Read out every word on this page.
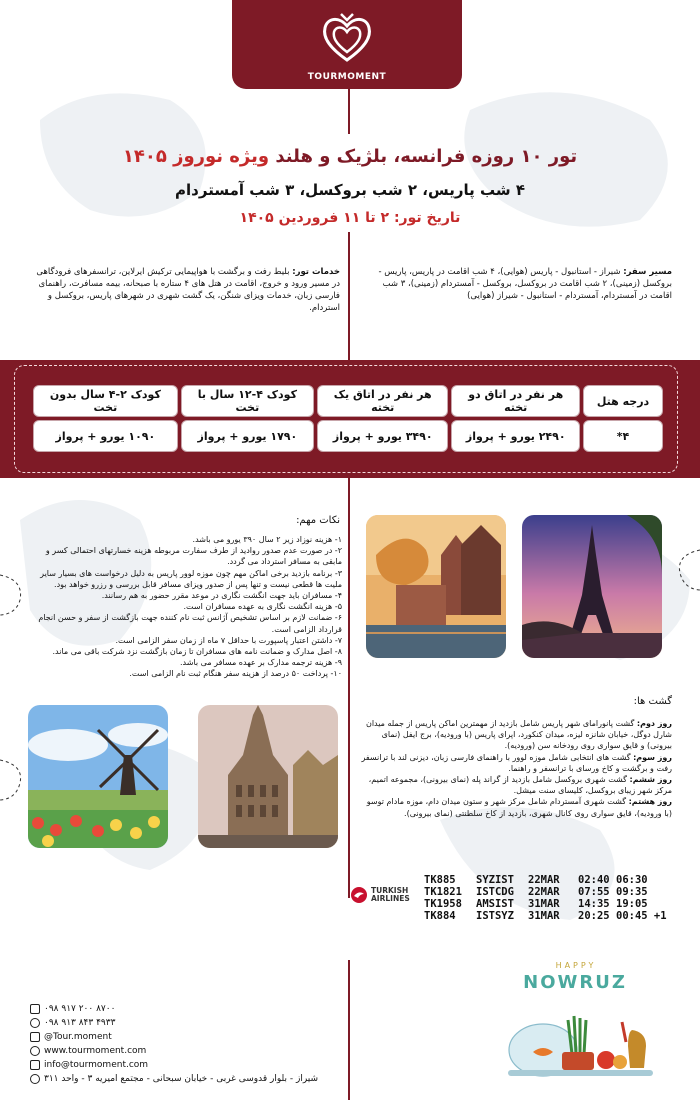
TOURMOMENT
تور ۱۰ روزه فرانسه، بلژیک و هلند ویژه نوروز ۱۴۰۵
۴ شب پاریس، ۲ شب بروکسل، ۳ شب آمستردام
تاریخ تور: ۲ تا ۱۱ فروردین ۱۴۰۵
مسیر سفر: شیراز - استانبول - پاریس (هوایی)، ۴ شب اقامت در پاریس، پاریس - بروکسل (زمینی)، ۲ شب اقامت در بروکسل، بروکسل - آمستردام (زمینی)، ۳ شب اقامت در آمستردام، آمستردام - استانبول - شیراز (هوایی)
خدمات تور: بلیط رفت و برگشت با هواپیمایی ترکیش ایرلاین، ترانسفرهای فرودگاهی در مسیر ورود و خروج، اقامت در هتل های ۴ ستاره با صبحانه، بیمه مسافرت، راهنمای فارسی زبان، خدمات ویزای شنگن، یک گشت شهری در شهرهای پاریس، بروکسل و استردام.
درجه هتل	هر نفر در اتاق دو تخته	هر نفر در اتاق یک تخته	کودک ۴-۱۲ سال با تخت	کودک ۲-۴ سال بدون تخت
۴*	۲۴۹۰ یورو + پرواز	۳۴۹۰ یورو + پرواز	۱۷۹۰ یورو + پرواز	۱۰۹۰ یورو + پرواز
نکات مهم:
۱- هزینه نوزاد زیر ۲ سال ۳۹۰ یورو می باشد.
۲- در صورت عدم صدور روادید از طرف سفارت مربوطه هزینه خسارتهای احتمالی کسر و مابقی به مسافر استرداد می گردد.
۳- برنامه بازدید برخی اماکن مهم چون موزه لوور پاریس به دلیل درخواست های بسیار سایر ملیت ها قطعی نیست و تنها پس از صدور ویزای مسافر قابل بررسی و رزرو خواهد بود.
۴- مسافران باید جهت انگشت نگاری در موعد مقرر حضور به هم رسانند.
۵- هزینه انگشت نگاری به عهده مسافران است.
۶- ضمانت لازم بر اساس تشخیص آژانس ثبت نام کننده جهت بازگشت از سفر و حسن انجام قرارداد الزامی است.
۷- داشتن اعتبار پاسپورت با حداقل ۷ ماه از زمان سفر الزامی است.
۸- اصل مدارک و ضمانت نامه های مسافران تا زمان بازگشت نزد شرکت باقی می ماند.
۹- هزینه ترجمه مدارک بر عهده مسافر می باشد.
۱۰- پرداخت ۵۰ درصد از هزینه سفر هنگام ثبت نام الزامی است.
گشت ها:
روز دوم: گشت پانورامای شهر پاریس شامل بازدید از مهمترین اماکن پاریس از جمله میدان شارل دوگل، خیابان شانزه لیزه، میدان کنکورد، اپرای پاریس (با ورودیه)، برج ایفل (نمای بیرونی) و قایق سواری روی رودخانه سن (ورودیه).
روز سوم: گشت های انتخابی شامل موزه لوور با راهنمای فارسی زبان، دیزنی لند با ترانسفر رفت و برگشت و کاخ ورسای با ترانسفر و راهنما.
روز ششم: گشت شهری بروکسل شامل بازدید از گراند پله (نمای بیرونی)، مجموعه اتمیم، مرکز شهر زیبای بروکسل، کلیسای سنت میشل.
روز هشتم: گشت شهری آمستردام شامل مرکز شهر و ستون میدان دام، موزه مادام توسو (با ورودیه)، قایق سواری روی کانال شهری، بازدید از کاخ سلطنتی (نمای بیرونی).
TURKISH
AIRLINES
TK885	SYZIST	22MAR	02:40 06:30
TK1821	ISTCDG	22MAR	07:55 09:35
TK1958	AMSIST	31MAR	14:35 19:05
TK884	ISTSYZ	31MAR	20:25 00:45 +1
HAPPY
NOWRUZ
۰۹۸ ۹۱۷ ۲۰۰ ۸۷۰۰
۰۹۸ ۹۱۳ ۸۴۳ ۴۹۳۳
@Tour.moment
www.tourmoment.com
info@tourmoment.com
شیراز - بلوار قدوسی غربی - خیابان سبحانی - مجتمع امیریه ۳ - واحد ۳۱۱
